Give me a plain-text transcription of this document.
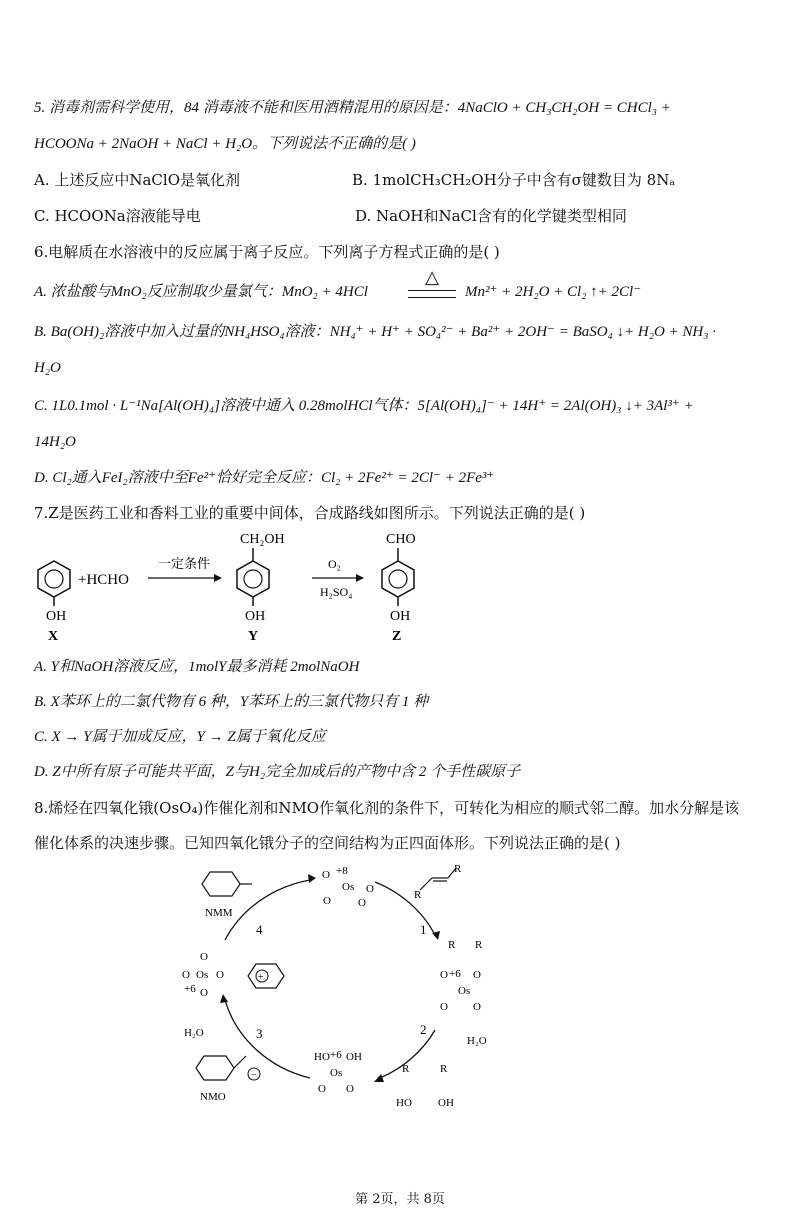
5. 消毒剂需科学使用，84 消毒液不能和医用酒精混用的原因是：4NaClO + CH₃CH₂OH = CHCl₃ +
HCOONa + 2NaOH + NaCl + H₂O。下列说法不正确的是( )
A. 上述反应中NaClO是氧化剂	B. 1molCH₃CH₂OH分子中含有σ键数目为 8Nₐ
C. HCOONa溶液能导电	D. NaOH和NaCl含有的化学键类型相同
6.电解质在水溶液中的反应属于离子反应。下列离子方程式正确的是( )
A. 浓盐酸与MnO₂反应制取少量氯气：MnO₂ + 4HCl
△
Mn²⁺ + 2H₂O + Cl₂ ↑+ 2Cl⁻
B. Ba(OH)₂溶液中加入过量的NH₄HSO₄溶液：NH₄⁺ + H⁺ + SO₄²⁻ + Ba²⁺ + 2OH⁻ = BaSO₄ ↓+ H₂O + NH₃ ·
H₂O
C. 1L0.1mol · L⁻¹Na[Al(OH)₄]溶液中通入 0.28molHCl气体：5[Al(OH)₄]⁻ + 14H⁺ = 2Al(OH)₃ ↓+ 3Al³⁺ +
14H₂O
D. Cl₂通入FeI₂溶液中至Fe²⁺恰好完全反应：Cl₂ + 2Fe²⁺ = 2Cl⁻ + 2Fe³⁺
7.Z是医药工业和香料工业的重要中间体，合成路线如图所示。下列说法正确的是( )
OH
X
+HCHO
一定条件
CH₂OH
OH
Y
O₂
H₂SO₄
CHO
OH
Z
A. Y和NaOH溶液反应，1molY最多消耗 2molNaOH
B. X苯环上的二氯代物有 6 种，Y苯环上的三氯代物只有 1 种
C. X → Y属于加成反应，Y → Z属于氧化反应
D. Z中所有原子可能共平面，Z与H₂完全加成后的产物中含 2 个手性碳原子
8.烯烃在四氧化锇(OsO₄)作催化剂和NMO作氧化剂的条件下，可转化为相应的顺式邻二醇。加水分解是该
催化体系的决速步骤。已知四氧化锇分子的空间结构为正四面体形。下列说法正确的是( )
4	1
2
3
O +8
Os
O
O
O
R
R
R R
O +6 O
Os
O O
H₂O
HO +6 OH
Os
O O
R	R
HO OH
NMM
O Os O
+6
O
O
+
H₂O
−
NMO
第 2页，共 8页
